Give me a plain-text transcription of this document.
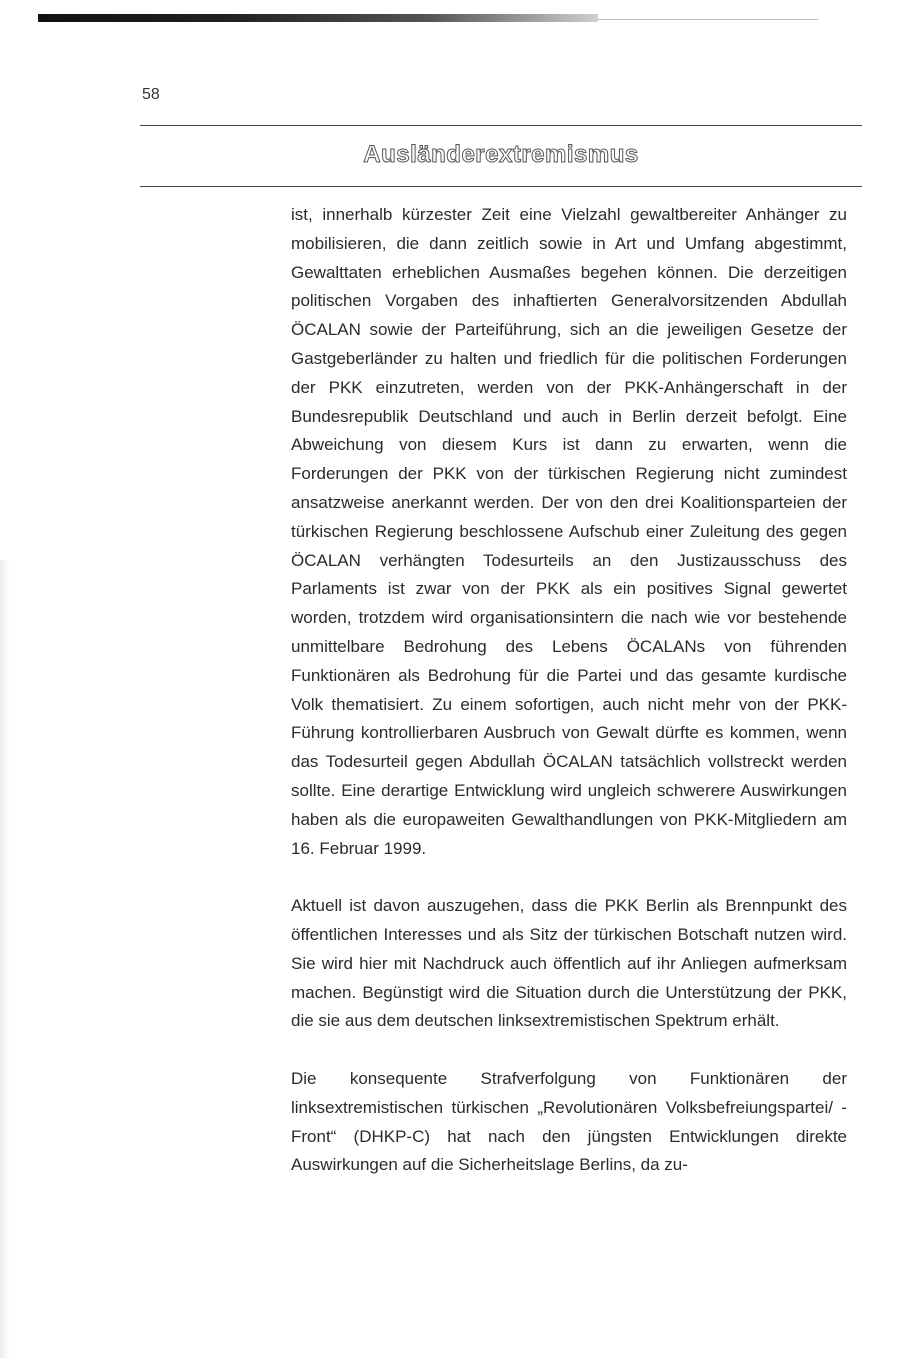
58
Ausländerextremismus

ist, innerhalb kürzester Zeit eine Vielzahl gewaltbereiter Anhänger zu mobilisieren, die dann zeitlich sowie in Art und Umfang abgestimmt, Gewalttaten erheblichen Ausmaßes begehen können. Die derzeitigen politischen Vorgaben des inhaftierten Generalvorsitzenden Abdullah ÖCALAN sowie der Parteiführung, sich an die jeweiligen Gesetze der Gastgeberländer zu halten und friedlich für die politischen Forderungen der PKK einzutreten, werden von der PKK-Anhängerschaft in der Bundesrepublik Deutschland und auch in Berlin derzeit befolgt. Eine Abweichung von diesem Kurs ist dann zu erwarten, wenn die Forderungen der PKK von der türkischen Regierung nicht zumindest ansatzweise anerkannt werden. Der von den drei Koalitionsparteien der türkischen Regierung beschlossene Aufschub einer Zuleitung des gegen ÖCALAN verhängten Todesurteils an den Justizausschuss des Parlaments ist zwar von der PKK als ein positives Signal gewertet worden, trotzdem wird organisationsintern die nach wie vor bestehende unmittelbare Bedrohung des Lebens ÖCALANs von führenden Funktionären als Bedrohung für die Partei und das gesamte kurdische Volk thematisiert. Zu einem sofortigen, auch nicht mehr von der PKK-Führung kontrollierbaren Ausbruch von Gewalt dürfte es kommen, wenn das Todesurteil gegen Abdullah ÖCALAN tatsächlich vollstreckt werden sollte. Eine derartige Entwicklung wird ungleich schwerere Auswirkungen haben als die europaweiten Gewalthandlungen von PKK-Mitgliedern am 16. Februar 1999.

Aktuell ist davon auszugehen, dass die PKK Berlin als Brennpunkt des öffentlichen Interesses und als Sitz der türkischen Botschaft nutzen wird. Sie wird hier mit Nachdruck auch öffentlich auf ihr Anliegen aufmerksam machen. Begünstigt wird die Situation durch die Unterstützung der PKK, die sie aus dem deutschen linksextremistischen Spektrum erhält.

Die konsequente Strafverfolgung von Funktionären der linksextremistischen türkischen „Revolutionären Volksbefreiungspartei/ -Front“ (DHKP-C) hat nach den jüngsten Entwicklungen direkte Auswirkungen auf die Sicherheitslage Berlins, da zu-
